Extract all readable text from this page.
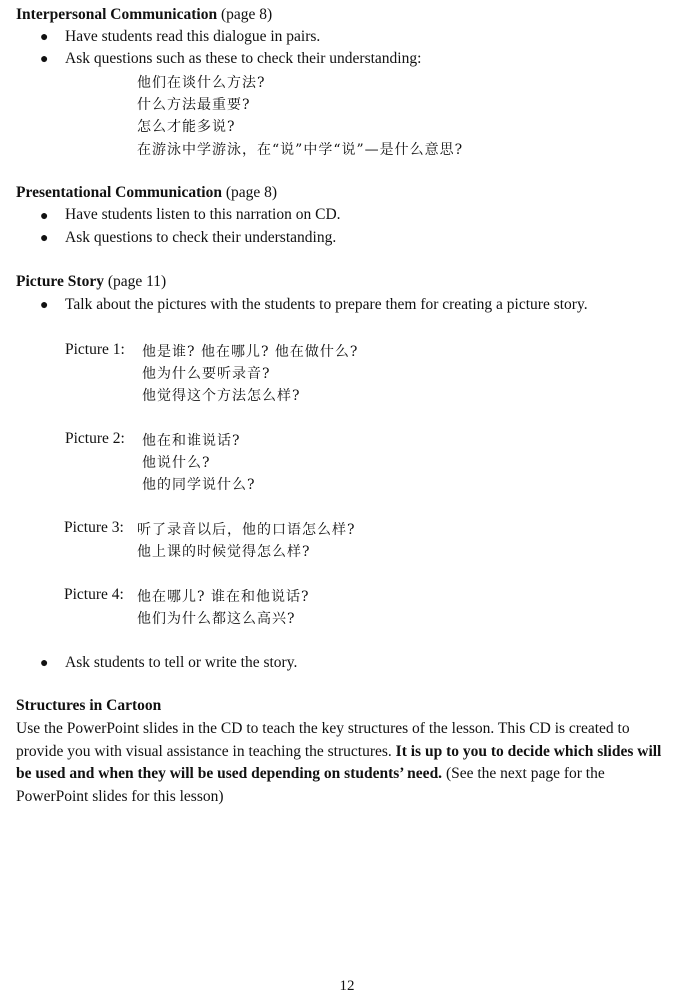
Interpersonal Communication (page 8)
● Have students read this dialogue in pairs.
● Ask questions such as these to check their understanding:
他们在谈什么方法?
什么方法最重要?
怎么才能多说?
在游泳中学游泳，在“说”中学“说”—是什么意思?
Presentational Communication (page 8)
● Have students listen to this narration on CD.
● Ask questions to check their understanding.
Picture Story (page 11)
● Talk about the pictures with the students to prepare them for creating a picture story.
Picture 1: 他是谁? 他在哪儿? 他在做什么?
他为什么要听录音?
他觉得这个方法怎么样?
Picture 2: 他在和谁说话?
他说什么?
他的同学说什么?
Picture 3: 听了录音以后，他的口语怎么样?
他上课的时候觉得怎么样?
Picture 4: 他在哪儿? 谁在和他说话?
他们为什么都这么高兴?
● Ask students to tell or write the story.
Structures in Cartoon
Use the PowerPoint slides in the CD to teach the key structures of the lesson. This CD is created to provide you with visual assistance in teaching the structures. It is up to you to decide which slides will be used and when they will be used depending on students’ need. (See the next page for the PowerPoint slides for this lesson)
12
